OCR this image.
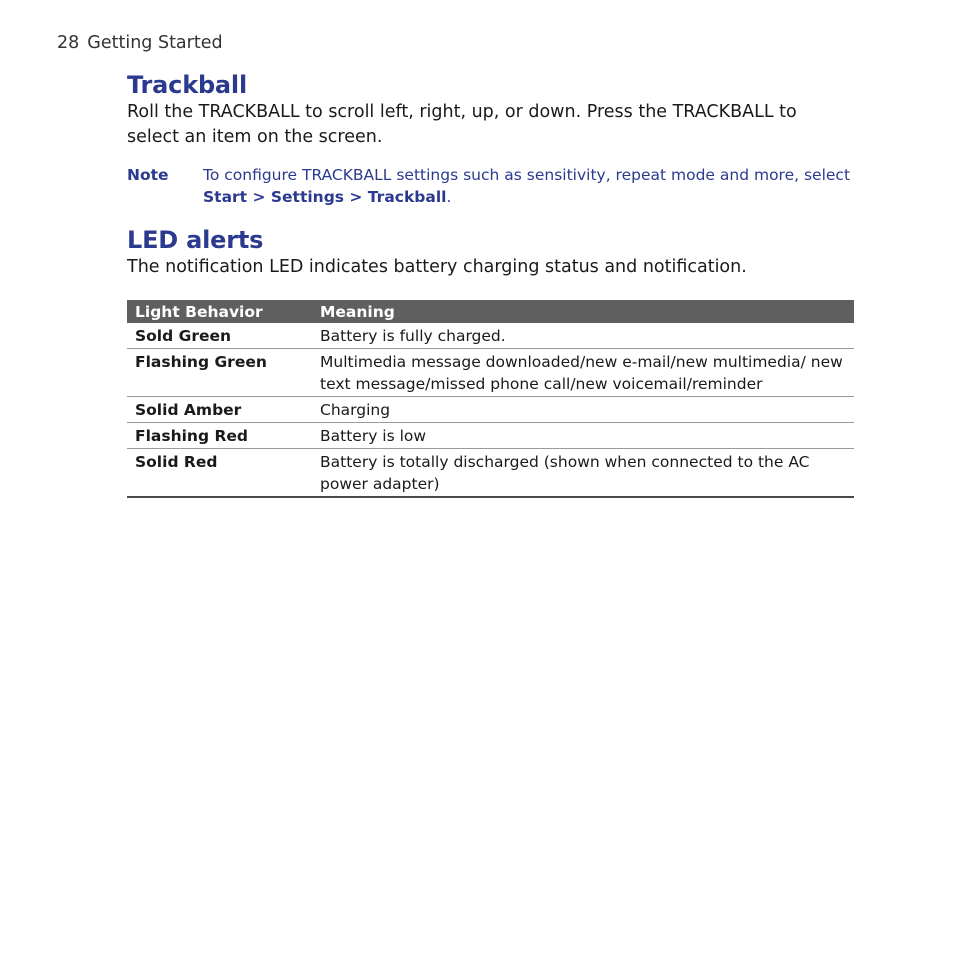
28 Getting Started
Trackball

Roll the TRACKBALL to scroll left, right, up, or down. Press the TRACKBALL to select an item on the screen.

Note	To configure TRACKBALL settings such as sensitivity, repeat mode and more, select Start > Settings > Trackball.
LED alerts

The notification LED indicates battery charging status and notification.

Light Behavior	Meaning
Sold Green	Battery is fully charged.
Flashing Green	Multimedia message downloaded/new e-mail/new multimedia/ new text message/missed phone call/new voicemail/reminder
Solid Amber	Charging
Flashing Red	Battery is low
Solid Red	Battery is totally discharged (shown when connected to the AC power adapter)
